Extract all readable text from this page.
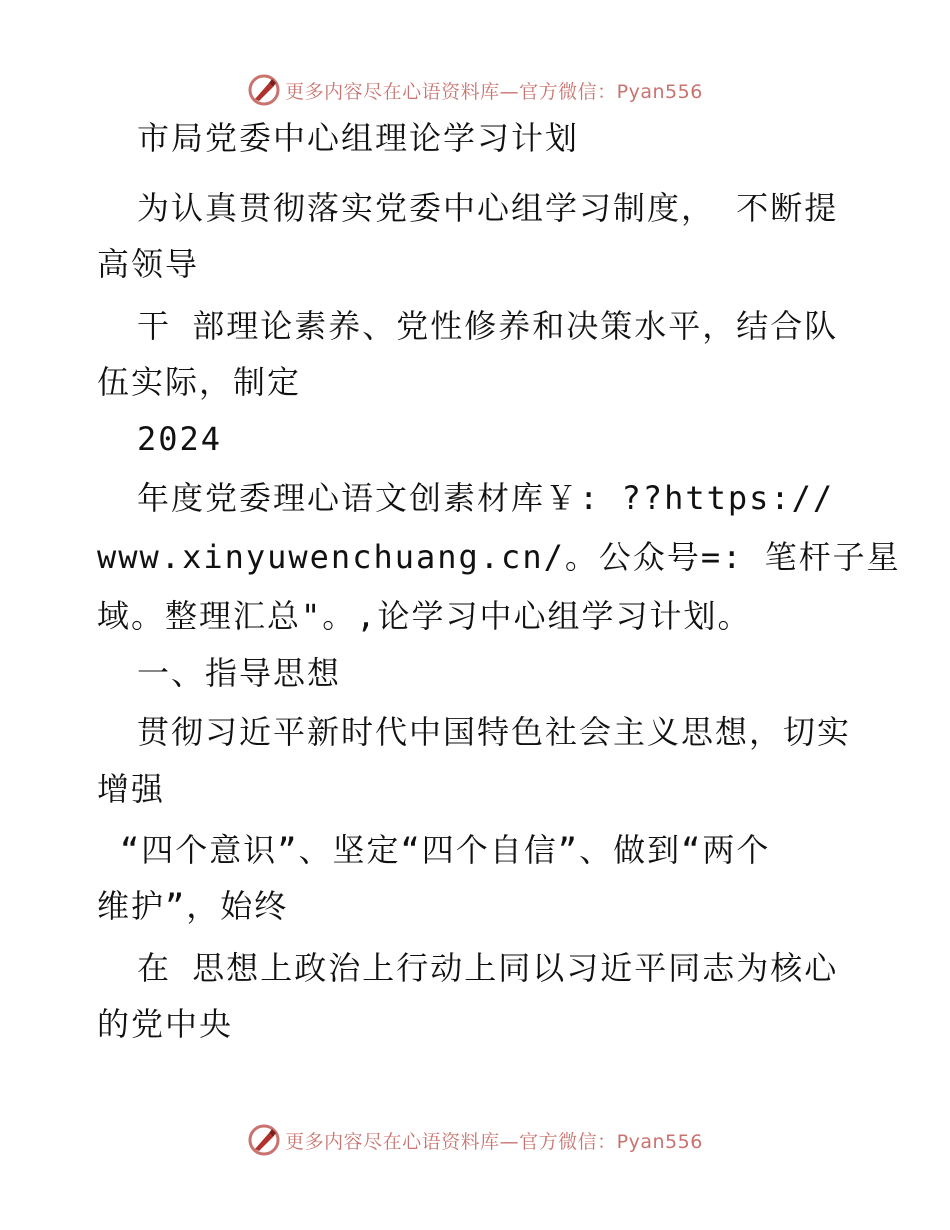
更多内容尽在心语资料库—官方微信：Pyan556
市局党委中心组理论学习计划
为认真贯彻落实党委中心组学习制度， 不断提
高领导
干 部理论素养、党性修养和决策水平，结合队
伍实际，制定
2024
年度党委理心语文创素材库￥: ??https://
www.xinyuwenchuang.cn/。公众号=: 笔杆子星
域。整理汇总"。,论学习中心组学习计划。
一、指导思想
贯彻习近平新时代中国特色社会主义思想，切实
增强
“四个意识”、坚定“四个自信”、做到“两个
维护”，始终
在 思想上政治上行动上同以习近平同志为核心
的党中央
更多内容尽在心语资料库—官方微信：Pyan556
